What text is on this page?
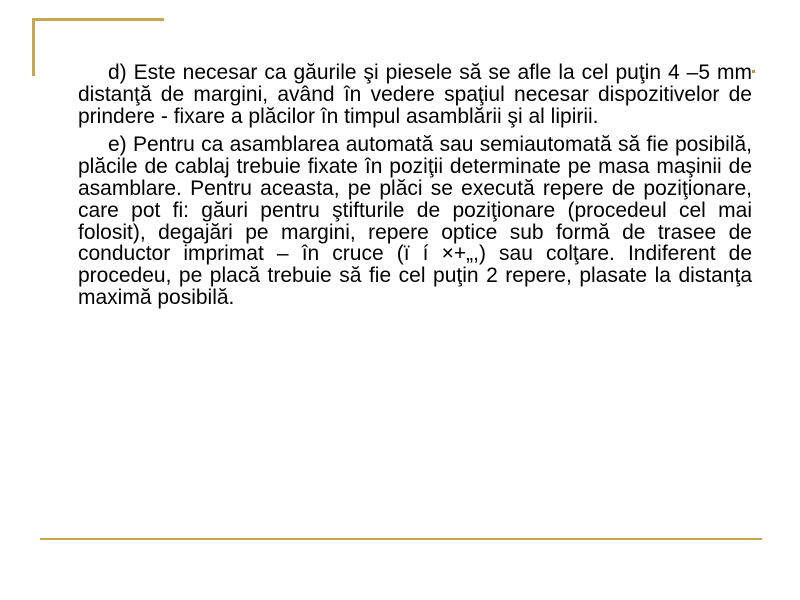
d) Este necesar ca găurile şi piesele să se afle la cel puţin 4 –5 mm distanţă de margini, având în vedere spaţiul necesar dispozitivelor de prindere - fixare a plăcilor în timpul asamblării şi al lipirii.

e) Pentru ca asamblarea automată sau semiautomată să fie posibilă, plăcile de cablaj trebuie fixate în poziţii determinate pe masa maşinii de asamblare. Pentru aceasta, pe plăci se execută repere de poziţionare, care pot fi: găuri pentru ştifturile de poziţionare (procedeul cel mai folosit), degajări pe margini, repere optice sub formă de trasee de conductor imprimat – în cruce (ï í ×+„,) sau colţare. Indiferent de procedeu, pe placă trebuie să fie cel puţin 2 repere, plasate la distanţa maximă posibilă.
